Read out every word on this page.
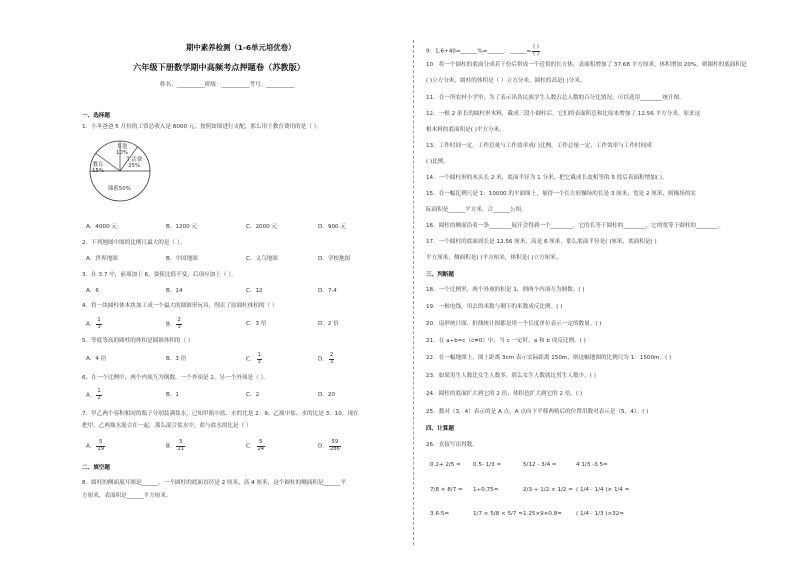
期中素养检测（1-6单元培优卷）
六年级下册数学期中高频考点押题卷（苏教版）
姓名：__________班级：__________考号：__________
一、选择题
1．小冬爸爸 5 月份的工资总收入是 8000 元，按照如图进行支配，那么用于教育费用的是（ ）。
其他
10%
生活费
25%
储蓄50%
教育
15%
A．4000 元	B．1200 元	C．2000 元	D．900 元
2．下列地图中图的比例尺最大的是（ ）。
A．世界地图	B．中国地图	C．义乌地图	D．学校地图
3．在 3.7 中，前项加上 6，要使比值不变，后项应加上（ ）。
A．6	B．14	C．12	D．7.4
4．将一块圆柱体木块加工成一个最大的圆锥形玩具，削去了原圆柱体积的（ ）
A． $\frac{1}{3}$	B． $\frac{2}{3}$	C．3 倍	D．2 倍
5．等底等高的圆柱的体积是圆锥体积的（ ）
A．4 倍	B．3 倍	C． $\frac{1}{3}$	D． $\frac{2}{3}$
6．在一个比例中，两个内项互为倒数，一个外项是 2，另一个外项是（ ）。
A． $\frac{1}{2}$	B．1	C．2	D．20
7．甲乙两个容积相同的瓶子分别装满盐水，已知甲瓶中盐、水的比是 2：9，乙瓶中盐、水的比是 3：10，现在
把甲、乙两瓶水混合在一起，那么混合盐水中，盐与盐水的比是（ ）
A． $\frac{5}{19}$	B． $\frac{5}{21}$	C． $\frac{5}{24}$	D． $\frac{59}{286}$
二、填空题
8．圆柱的侧面展开图是______，一个圆柱的底面直径是 2 厘米，高 4 厘米，这个圆柱的侧面积是______平
方厘米，表面积是______平方厘米。
9．1.6÷40=______%=______：______= $\frac{( )}{( )}$
10．将一个圆柱的底面分成若干份后拼成一个近似的长方体，表面积增加了 37.68 平方厘米，体积增加 20%，则圆柱的底面积是
( )立方分米，圆柱的体积是（ ）立方分米，圆柱的高是( )分米。
11．在一所农村小学里，为了表示出各民族学生人数占总人数的百分比情况，可以选用________统计图。
12．一根 2 米长的圆柱形木料，截成三段小圆柱后，它们的表面积总和比原来增加了 12.56 平方分米，原来这
根木料的底面积是( )平方分米。
13．工作时间一定，工作总量与工作效率成( )比例，工作总量一定，工作效率与工作时间成
( )比例。
14．一个圆柱形的木头长 2 米，底面半径为 1 分米，把它截成长度相等的 5 段后表面积增加( )。
15．在一幅比例尺是 1：10000 的平面图上，量得一个长方形操场的长是 3 厘米，宽是 2 厘米，则操场的实
际面积是______平方米，合______公顷。
16．圆柱的侧面沿着一条________展开会得到一个________，它的长等于圆柱的________，它的宽等于圆柱的________。
17．一个圆柱的底面周长是 12.56 厘米，高是 6 厘米，那么底面半径是( )厘米，底面积是( )
平方厘米，侧面积是( )平方厘米，体积是( )立方厘米。
三、判断题
18．一个比例里，两个外项的积是 1，则两个内项互为倒数。( )
19．一根电线，用去的米数与剩下的米数成反比例。( )
20．扇形统计图、折线统计图都是用一个长度单位表示一定的数量。( )
21．在 a÷b=c（c≠0）中，当 c 一定时，a 和 b 成反比例。( )
22．在一幅地图上，图上距离 3cm 表示实际距离 150m，则这幅地图的比例尺为 1：1500m。( )
23．如果男生人数比女生人数多，那么女生人数就比男生人数少。( )
24．圆柱的底面扩大到它的 2 倍，体积也扩大到它的 2 倍。( )
25．数对（3，4）表示的是 A 点，A 点向下平移两格后的位置用数对表示是（5，4）。( )
四、计算题
26．直接写出得数。
0.2+ 2/5 = 0.5- 1/3 =	5/12 - 3/4 =	4 1/3 -3.5=
7/8 × 8/7 = 1÷0.75=	2/3 ÷ 1/2 × 1/2 = ( 1/4 - 1/4 )× 1/4 =
3.6-5=	1/7 × 5/8 × 5/7 = 1.25×9×0.8=	( 1/4 - 1/3 )×32=
